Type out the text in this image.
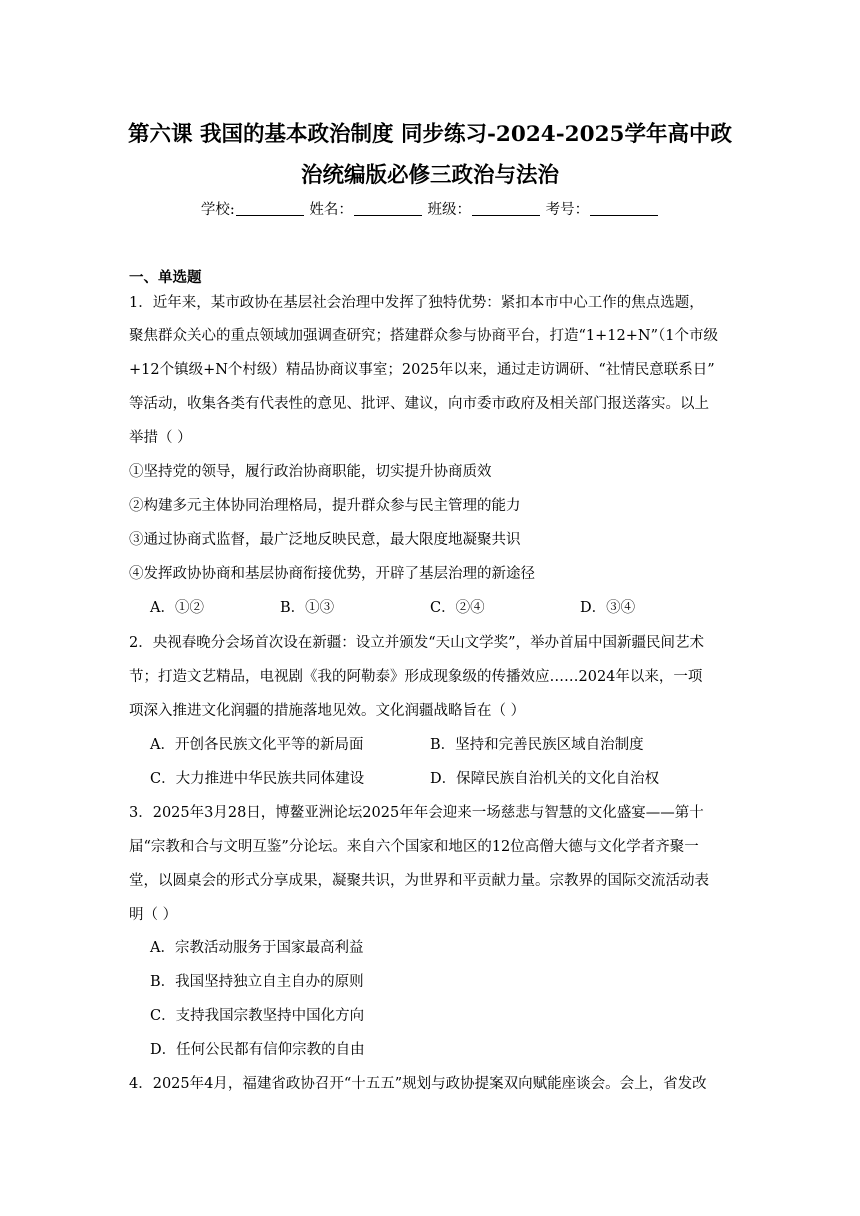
第六课 我国的基本政治制度 同步练习-2024-2025学年高中政
治统编版必修三政治与法治
学校:	姓名：	班级：	考号：
一、单选题
1．近年来，某市政协在基层社会治理中发挥了独特优势：紧扣本市中心工作的焦点选题，
聚焦群众关心的重点领域加强调查研究；搭建群众参与协商平台，打造“1+12+N”（1个市级
+12个镇级+N个村级）精品协商议事室；2025年以来，通过走访调研、“社情民意联系日”
等活动，收集各类有代表性的意见、批评、建议，向市委市政府及相关部门报送落实。以上
举措（ ）
①坚持党的领导，履行政治协商职能，切实提升协商质效
②构建多元主体协同治理格局，提升群众参与民主管理的能力
③通过协商式监督，最广泛地反映民意，最大限度地凝聚共识
④发挥政协协商和基层协商衔接优势，开辟了基层治理的新途径
A．①②	B．①③	C．②④	D．③④
2．央视春晚分会场首次设在新疆：设立并颁发“天山文学奖”，举办首届中国新疆民间艺术
节；打造文艺精品，电视剧《我的阿勒泰》形成现象级的传播效应……2024年以来，一项
项深入推进文化润疆的措施落地见效。文化润疆战略旨在（ ）
A．开创各民族文化平等的新局面	B．坚持和完善民族区域自治制度
C．大力推进中华民族共同体建设	D．保障民族自治机关的文化自治权
3．2025年3月28日，博鳌亚洲论坛2025年年会迎来一场慈悲与智慧的文化盛宴——第十
届“宗教和合与文明互鉴”分论坛。来自六个国家和地区的12位高僧大德与文化学者齐聚一
堂，以圆桌会的形式分享成果，凝聚共识，为世界和平贡献力量。宗教界的国际交流活动表
明（ ）
A．宗教活动服务于国家最高利益
B．我国坚持独立自主自办的原则
C．支持我国宗教坚持中国化方向
D．任何公民都有信仰宗教的自由
4．2025年4月，福建省政协召开“十五五”规划与政协提案双向赋能座谈会。会上，省发改
